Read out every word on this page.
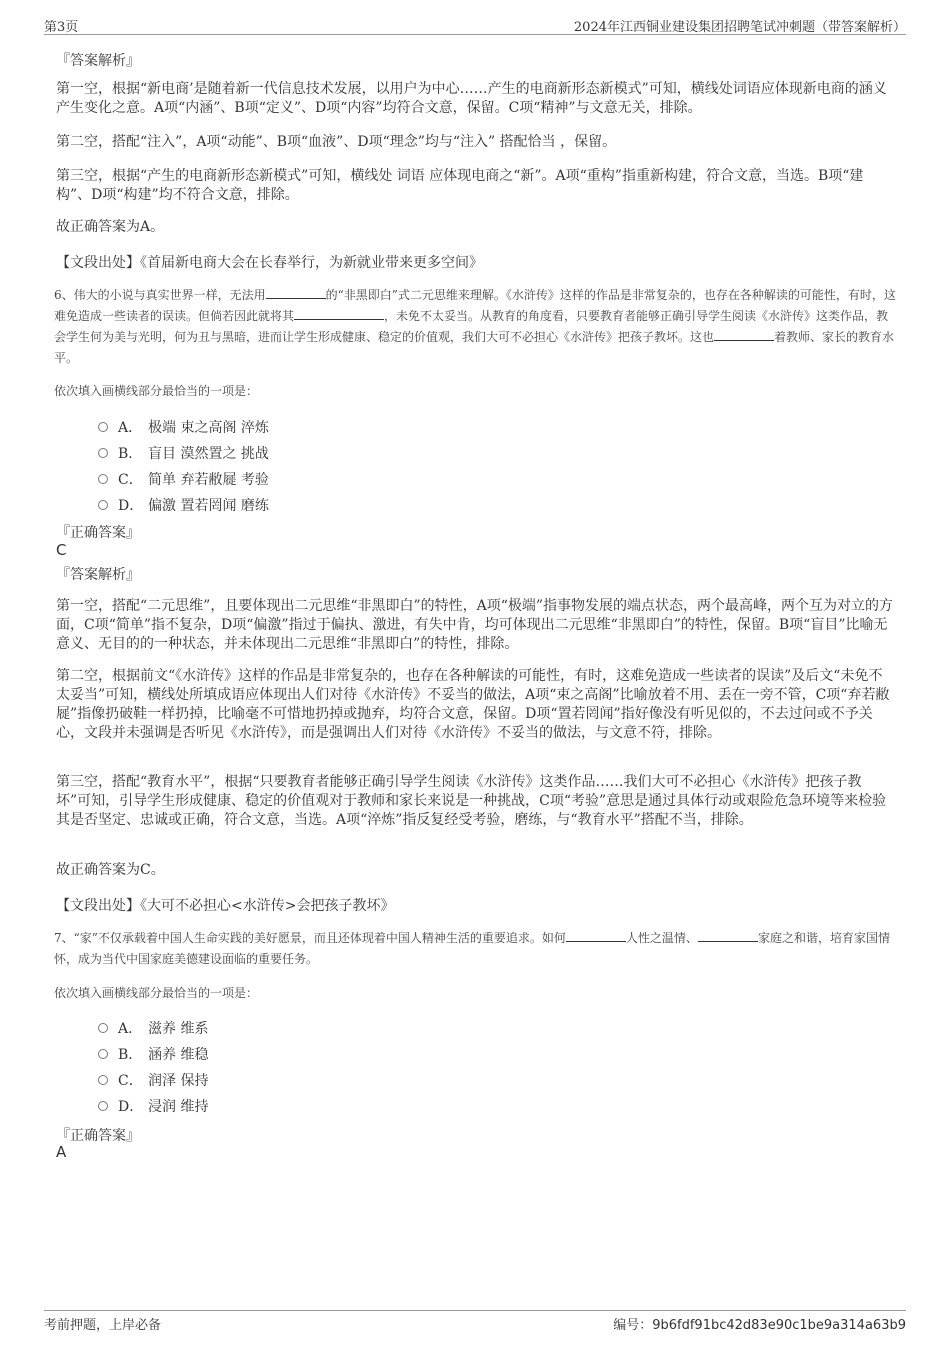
第3页	2024年江西铜业建设集团招聘笔试冲刺题（带答案解析）
『答案解析』

第一空，根据“新电商’是随着新一代信息技术发展，以用户为中心……产生的电商新形态新模式”可知，横线处词语应体现新电商的涵义产生变化之意。A项“内涵”、B项“定义”、D项“内容”均符合文意，保留。C项“精神”与文意无关，排除。

第二空，搭配“注入”，A项“动能”、B项“血液”、D项“理念”均与“注入” 搭配恰当 ，保留。

第三空，根据“产生的电商新形态新模式”可知，横线处 词语 应体现电商之“新”。A项“重构”指重新构建，符合文意，当选。B项“建构”、D项“构建”均不符合文意，排除。

故正确答案为A。

【文段出处】《首届新电商大会在长春举行，为新就业带来更多空间》

6、伟大的小说与真实世界一样，无法用	的“非黑即白”式二元思维来理解。《水浒传》这样的作品是非常复杂的，也存在各种解读的可能性，有时，这难免造成一些读者的误读。但倘若因此就将其	，未免不太妥当。从教育的角度看，只要教育者能够正确引导学生阅读《水浒传》这类作品，教会学生何为美与光明，何为丑与黑暗，进而让学生形成健康、稳定的价值观，我们大可不必担心《水浒传》把孩子教坏。这也	着教师、家长的教育水平。

依次填入画横线部分最恰当的一项是：

A． 极端 束之高阁 淬炼
B． 盲目 漠然置之 挑战
C． 简单 弃若敝屣 考验
D． 偏激 置若罔闻 磨练
『正确答案』
C
『答案解析』

第一空，搭配“二元思维”，且要体现出二元思维“非黑即白”的特性，A项“极端”指事物发展的端点状态，两个最高峰，两个互为对立的方面，C项“简单”指不复杂，D项“偏激”指过于偏执、激进，有失中肯，均可体现出二元思维“非黑即白”的特性，保留。B项“盲目”比喻无意义、无目的的一种状态，并未体现出二元思维“非黑即白”的特性，排除。

第二空，根据前文“《水浒传》这样的作品是非常复杂的，也存在各种解读的可能性，有时，这难免造成一些读者的误读”及后文“未免不太妥当”可知，横线处所填成语应体现出人们对待《水浒传》不妥当的做法，A项“束之高阁”比喻放着不用、丢在一旁不管，C项“弃若敝屣”指像扔破鞋一样扔掉，比喻毫不可惜地扔掉或抛弃，均符合文意，保留。D项“置若罔闻”指好像没有听见似的，不去过问或不予关心，文段并未强调是否听见《水浒传》，而是强调出人们对待《水浒传》不妥当的做法，与文意不符，排除。

第三空，搭配“教育水平”，根据“只要教育者能够正确引导学生阅读《水浒传》这类作品……我们大可不必担心《水浒传》把孩子教坏”可知，引导学生形成健康、稳定的价值观对于教师和家长来说是一种挑战，C项“考验”意思是通过具体行动或艰险危急环境等来检验其是否坚定、忠诚或正确，符合文意，当选。A项“淬炼”指反复经受考验，磨练，与“教育水平”搭配不当，排除。

故正确答案为C。

【文段出处】《大可不必担心<水浒传>会把孩子教坏》

7、“家”不仅承载着中国人生命实践的美好愿景，而且还体现着中国人精神生活的重要追求。如何	人性之温情、	家庭之和谐，培育家国情怀，成为当代中国家庭美德建设面临的重要任务。

依次填入画横线部分最恰当的一项是：

A． 滋养 维系
B． 涵养 维稳
C． 润泽 保持
D． 浸润 维持
『正确答案』
A
考前押题，上岸必备	编号：9b6fdf91bc42d83e90c1be9a314a63b9
